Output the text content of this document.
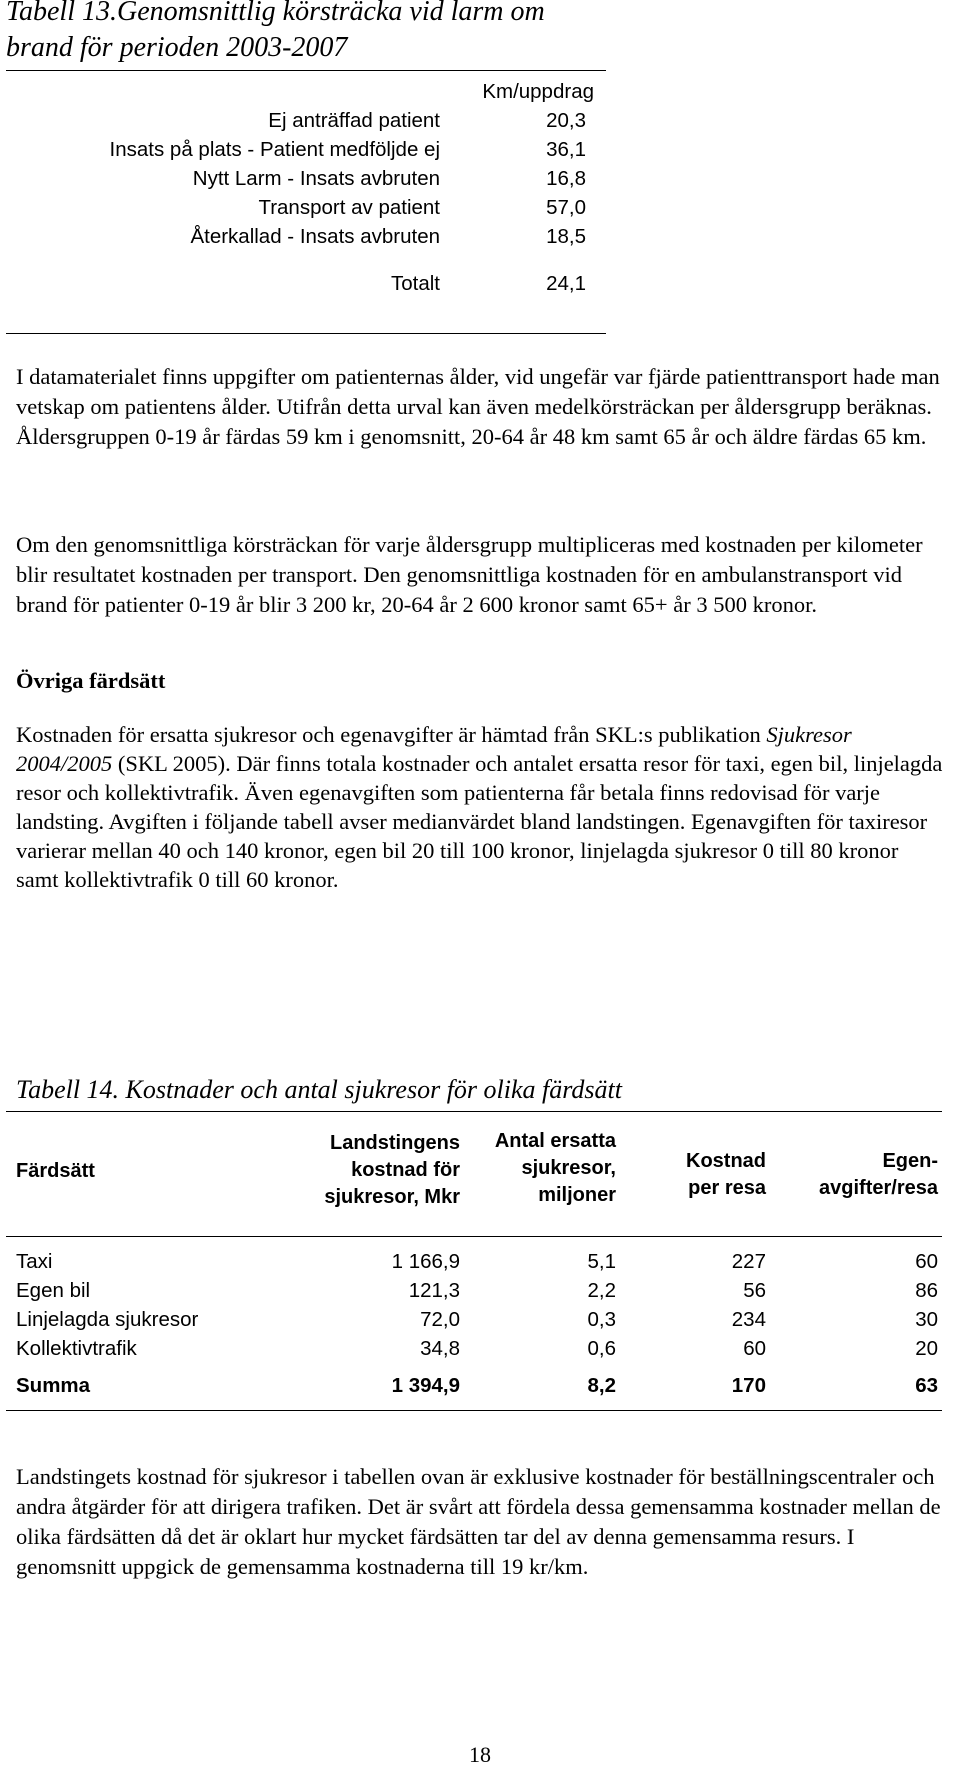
Tabell 13.Genomsnittlig körsträcka vid larm om brand för perioden 2003-2007
Km/uppdrag
Ej anträffad patient	20,3
Insats på plats - Patient medföljde ej	36,1
Nytt Larm - Insats avbruten	16,8
Transport av patient	57,0
Återkallad - Insats avbruten	18,5
Totalt	24,1

I datamaterialet finns uppgifter om patienternas ålder, vid ungefär var fjärde patienttransport hade man vetskap om patientens ålder. Utifrån detta urval kan även medelkörsträckan per åldersgrupp beräknas. Åldersgruppen 0-19 år färdas 59 km i genomsnitt, 20-64 år 48 km samt 65 år och äldre färdas 65 km.

Om den genomsnittliga körsträckan för varje åldersgrupp multipliceras med kostnaden per kilometer blir resultatet kostnaden per transport. Den genomsnittliga kostnaden för en ambulanstransport vid brand för patienter 0-19 år blir 3 200 kr, 20-64 år 2 600 kronor samt 65+ år 3 500 kronor.

Övriga färdsätt

Kostnaden för ersatta sjukresor och egenavgifter är hämtad från SKL:s publikation Sjukresor 2004/2005 (SKL 2005). Där finns totala kostnader och antalet ersatta resor för taxi, egen bil, linjelagda resor och kollektivtrafik. Även egenavgiften som patienterna får betala finns redovisad för varje landsting. Avgiften i följande tabell avser medianvärdet bland landstingen. Egenavgiften för taxiresor varierar mellan 40 och 140 kronor, egen bil 20 till 100 kronor, linjelagda sjukresor 0 till 80 kronor samt kollektivtrafik 0 till 60 kronor.

Tabell 14. Kostnader och antal sjukresor för olika färdsätt
Färdsätt
Landstingens
kostnad för
sjukresor, Mkr
Antal ersatta
sjukresor,
miljoner
Kostnad
per resa
Egen-
avgifter/resa
Taxi	1 166,9	5,1	227	60
Egen bil	121,3	2,2	56	86
Linjelagda sjukresor	72,0	0,3	234	30
Kollektivtrafik	34,8	0,6	60	20
Summa	1 394,9	8,2	170	63

Landstingets kostnad för sjukresor i tabellen ovan är exklusive kostnader för beställningscentraler och andra åtgärder för att dirigera trafiken. Det är svårt att fördela dessa gemensamma kostnader mellan de olika färdsätten då det är oklart hur mycket färdsätten tar del av denna gemensamma resurs. I genomsnitt uppgick de gemensamma kostnaderna till 19 kr/km.

18
